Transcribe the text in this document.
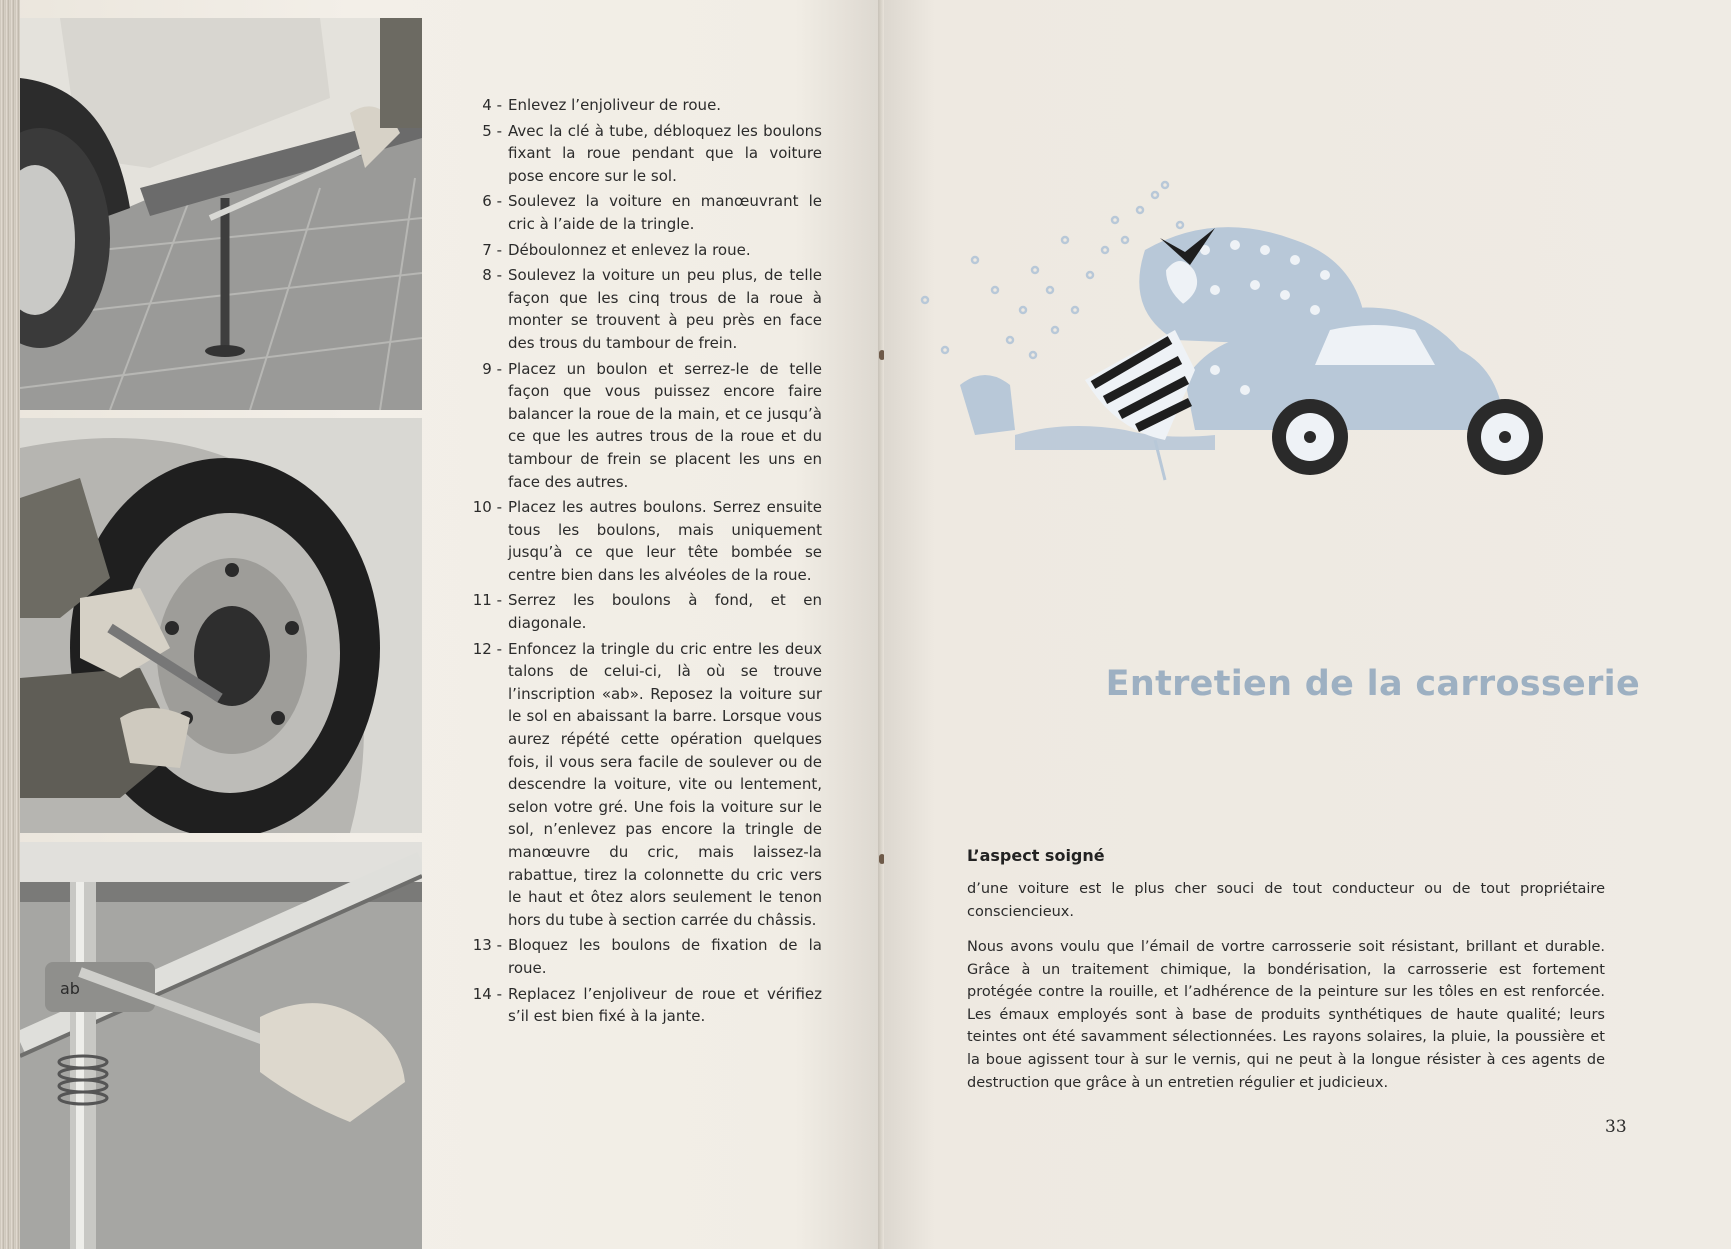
ab
4 - Enlevez l’enjoliveur de roue.
5 - Avec la clé à tube, débloquez les boulons fixant la roue pendant que la voiture pose encore sur le sol.
6 - Soulevez la voiture en manœuvrant le cric à l’aide de la tringle.
7 - Déboulonnez et enlevez la roue.
8 - Soulevez la voiture un peu plus, de telle façon que les cinq trous de la roue à monter se trouvent à peu près en face des trous du tambour de frein.
9 - Placez un boulon et serrez-le de telle façon que vous puissez encore faire balancer la roue de la main, et ce jusqu’à ce que les autres trous de la roue et du tambour de frein se placent les uns en face des autres.
10 - Placez les autres boulons. Serrez ensuite tous les boulons, mais uniquement jusqu’à ce que leur tête bombée se centre bien dans les alvéoles de la roue.
11 - Serrez les boulons à fond, et en diagonale.
12 - Enfoncez la tringle du cric entre les deux talons de celui-ci, là où se trouve l’inscription «ab». Reposez la voiture sur le sol en abaissant la barre. Lorsque vous aurez répété cette opération quelques fois, il vous sera facile de soulever ou de descendre la voiture, vite ou lentement, selon votre gré. Une fois la voiture sur le sol, n’enlevez pas encore la tringle de manœuvre du cric, mais laissez-la rabattue, tirez la colonnette du cric vers le haut et ôtez alors seulement le tenon hors du tube à section carrée du châssis.
13 - Bloquez les boulons de fixation de la roue.
14 - Replacez l’enjoliveur de roue et vérifiez s’il est bien fixé à la jante.
Entretien de la carrosserie
L’aspect soigné
d’une voiture est le plus cher souci de tout conducteur ou de tout propriétaire consciencieux.
Nous avons voulu que l’émail de vortre carrosserie soit résistant, brillant et durable. Grâce à un traitement chimique, la bondérisation, la carrosserie est fortement protégée contre la rouille, et l’adhérence de la peinture sur les tôles en est renforcée. Les émaux employés sont à base de produits synthétiques de haute qualité; leurs teintes ont été savamment sélectionnées. Les rayons solaires, la pluie, la poussière et la boue agissent tour à sur le vernis, qui ne peut à la longue résister à ces agents de destruction que grâce à un entretien régulier et judicieux.
33
